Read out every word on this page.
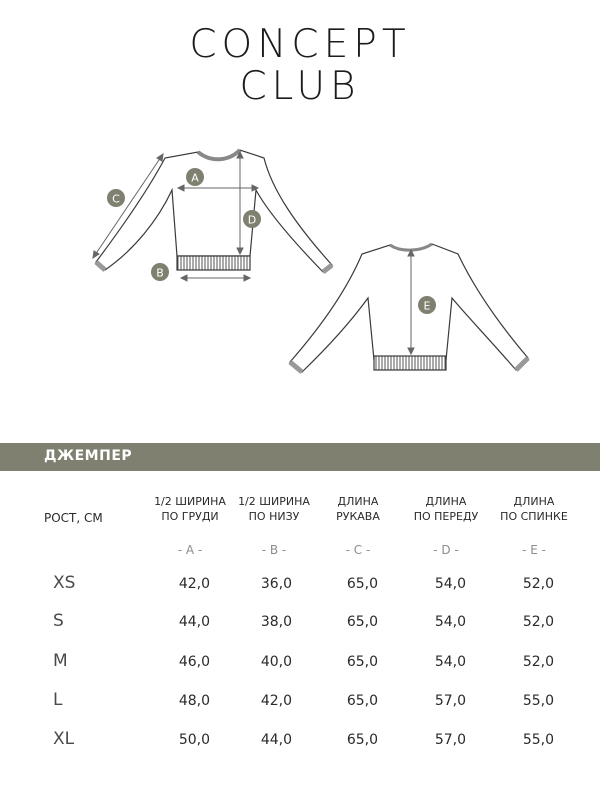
CONCEPT
CLUB
A
B
C
D
E
ДЖЕМПЕР
РОСТ, СМ
1/2 ШИРИНА
ПО ГРУДИ
1/2 ШИРИНА
ПО НИЗУ
ДЛИНА
РУКАВА
ДЛИНА
ПО ПЕРЕДУ
ДЛИНА
ПО СПИНКЕ
- A -	- B -	- C -	- D -	- E -
XS	42,0	36,0	65,0	54,0	52,0
S	44,0	38,0	65,0	54,0	52,0
M	46,0	40,0	65,0	54,0	52,0
L	48,0	42,0	65,0	57,0	55,0
XL	50,0	44,0	65,0	57,0	55,0
